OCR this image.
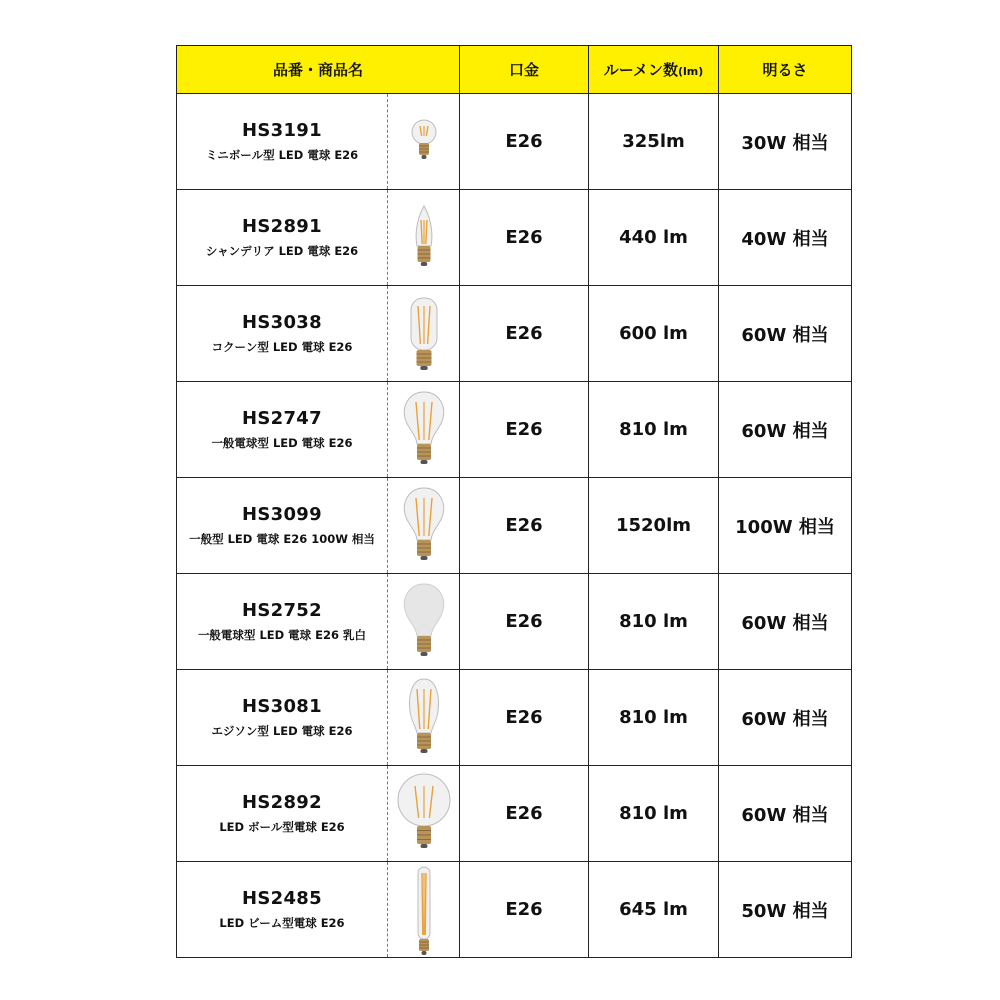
品番・商品名	口金	ルーメン数(lm)	明るさ

HS3191
ミニボール型 LED 電球 E26	E26	325lm	30W 相当

HS2891
シャンデリア LED 電球 E26	E26	440 lm	40W 相当

HS3038
コクーン型 LED 電球 E26	E26	600 lm	60W 相当

HS2747
一般電球型 LED 電球 E26	E26	810 lm	60W 相当

HS3099
一般型 LED 電球 E26 100W 相当	E26	1520lm	100W 相当

HS2752
一般電球型 LED 電球 E26 乳白	E26	810 lm	60W 相当

HS3081
エジソン型 LED 電球 E26	E26	810 lm	60W 相当

HS2892
LED ボール型電球 E26	E26	810 lm	60W 相当

HS2485
LED ビーム型電球 E26	E26	645 lm	50W 相当
